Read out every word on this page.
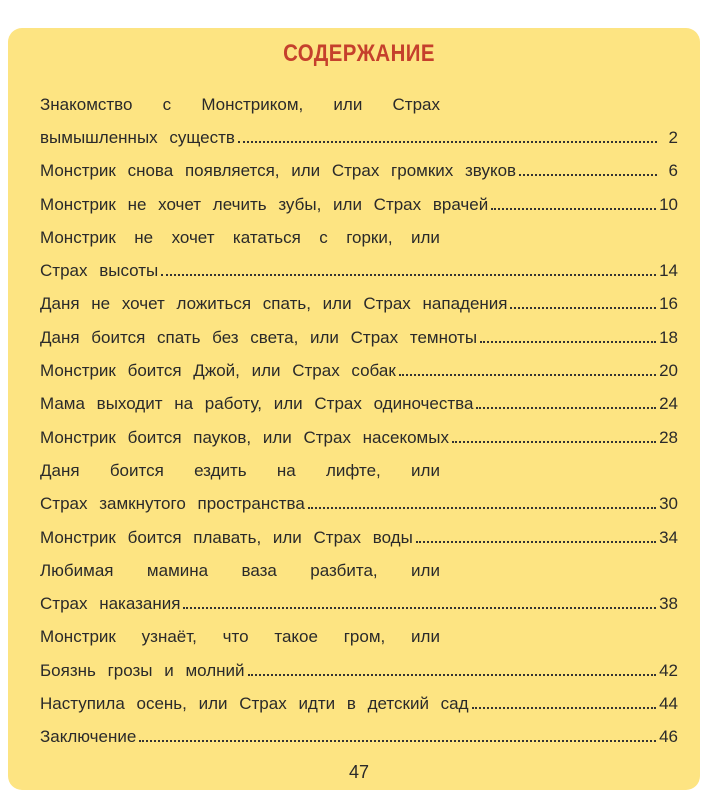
СОДЕРЖАНИЕ
Знакомство с Монстриком, или Страх
вымышленных существ	2
Монстрик снова появляется, или Страх громких звуков	6
Монстрик не хочет лечить зубы, или Страх врачей	10
Монстрик не хочет кататься с горки, или
Страх высоты	14
Даня не хочет ложиться спать, или Страх нападения	16
Даня боится спать без света, или Страх темноты	18
Монстрик боится Джой, или Страх собак	20
Мама выходит на работу, или Страх одиночества	24
Монстрик боится пауков, или Страх насекомых	28
Даня боится ездить на лифте, или
Страх замкнутого пространства	30
Монстрик боится плавать, или Страх воды	34
Любимая мамина ваза разбита, или
Страх наказания	38
Монстрик узнаёт, что такое гром, или
Боязнь грозы и молний	42
Наступила осень, или Страх идти в детский сад	44
Заключение	46
47
